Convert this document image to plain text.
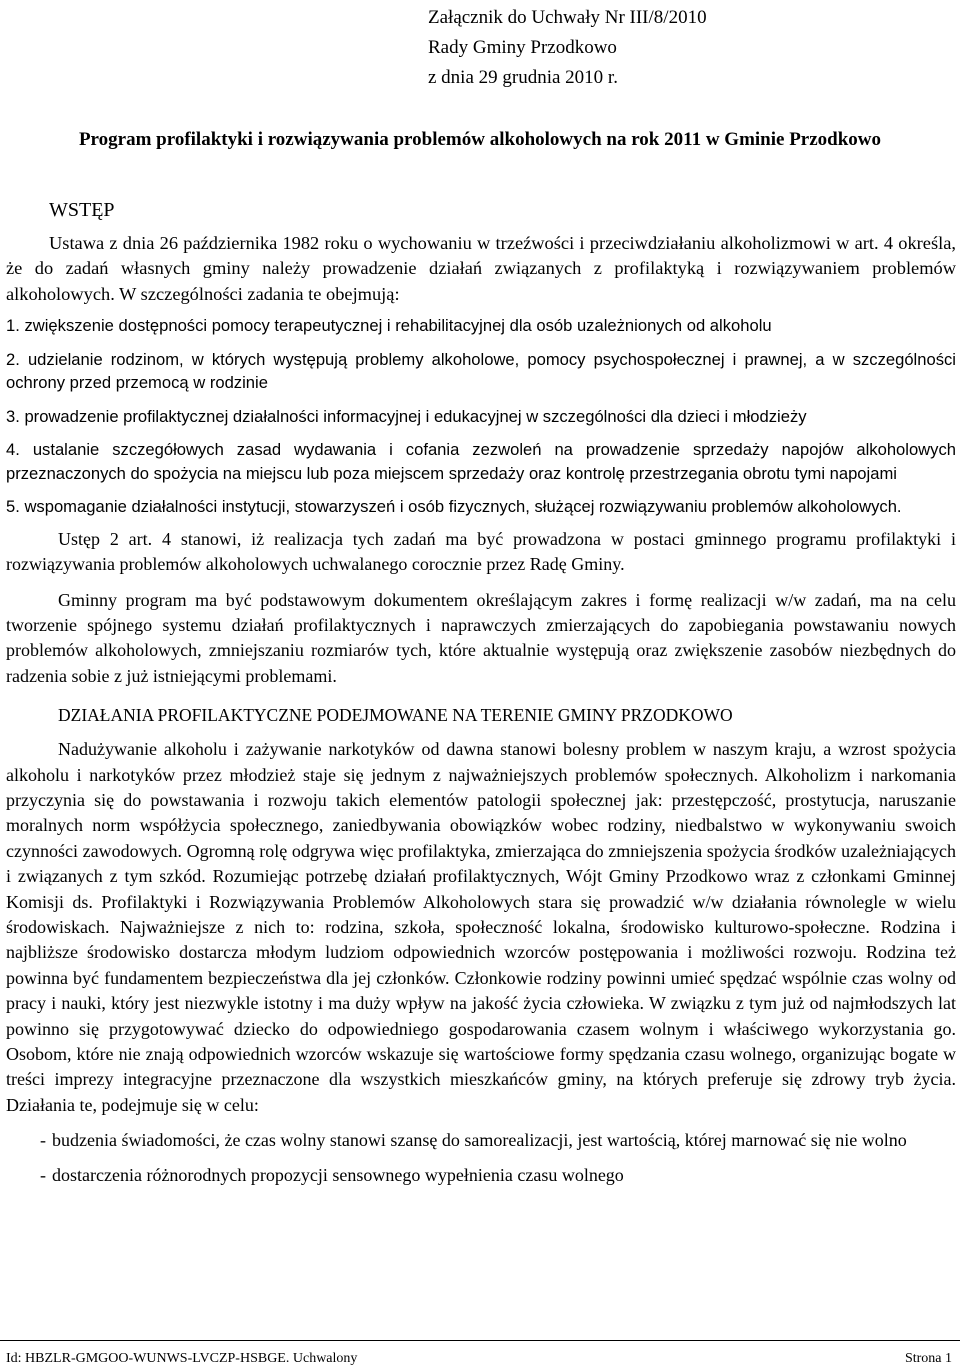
Załącznik do Uchwały Nr III/8/2010
Rady Gminy Przodkowo
z dnia 29 grudnia 2010 r.
Program profilaktyki i rozwiązywania problemów alkoholowych na rok 2011 w Gminie Przodkowo
WSTĘP
Ustawa z dnia 26 października 1982 roku o wychowaniu w trzeźwości i przeciwdziałaniu alkoholizmowi w art. 4 określa, że do zadań własnych gminy należy prowadzenie działań związanych z profilaktyką i rozwiązywaniem problemów alkoholowych. W szczególności zadania te obejmują:
1. zwiększenie dostępności pomocy terapeutycznej i rehabilitacyjnej dla osób uzależnionych od alkoholu
2. udzielanie rodzinom, w których występują problemy alkoholowe, pomocy psychospołecznej i prawnej, a w szczególności ochrony przed przemocą w rodzinie
3. prowadzenie profilaktycznej działalności informacyjnej i edukacyjnej w szczególności dla dzieci i młodzieży
4. ustalanie szczegółowych zasad wydawania i cofania zezwoleń na prowadzenie sprzedaży napojów alkoholowych przeznaczonych do spożycia na miejscu lub poza miejscem sprzedaży oraz kontrolę przestrzegania obrotu tymi napojami
5. wspomaganie działalności instytucji, stowarzyszeń i osób fizycznych, służącej rozwiązywaniu problemów alkoholowych.
Ustęp 2 art. 4 stanowi, iż realizacja tych zadań ma być prowadzona w postaci gminnego programu profilaktyki i rozwiązywania problemów alkoholowych uchwalanego corocznie przez Radę Gminy.
Gminny program ma być podstawowym dokumentem określającym zakres i formę realizacji w/w zadań, ma na celu tworzenie spójnego systemu działań profilaktycznych i naprawczych zmierzających do zapobiegania powstawaniu nowych problemów alkoholowych, zmniejszaniu rozmiarów tych, które aktualnie występują oraz zwiększenie zasobów niezbędnych do radzenia sobie z już istniejącymi problemami.
DZIAŁANIA PROFILAKTYCZNE PODEJMOWANE NA TERENIE GMINY PRZODKOWO
Nadużywanie alkoholu i zażywanie narkotyków od dawna stanowi bolesny problem w naszym kraju, a wzrost spożycia alkoholu i narkotyków przez młodzież staje się jednym z najważniejszych problemów społecznych. Alkoholizm i narkomania przyczynia się do powstawania i rozwoju takich elementów patologii społecznej jak: przestępczość, prostytucja, naruszanie moralnych norm współżycia społecznego, zaniedbywania obowiązków wobec rodziny, niedbalstwo w wykonywaniu swoich czynności zawodowych. Ogromną rolę odgrywa więc profilaktyka, zmierzająca do zmniejszenia spożycia środków uzależniających i związanych z tym szkód. Rozumiejąc potrzebę działań profilaktycznych, Wójt Gminy Przodkowo wraz z członkami Gminnej Komisji ds. Profilaktyki i Rozwiązywania Problemów Alkoholowych stara się prowadzić w/w działania równolegle w wielu środowiskach. Najważniejsze z nich to: rodzina, szkoła, społeczność lokalna, środowisko kulturowo-społeczne. Rodzina i najbliższe środowisko dostarcza młodym ludziom odpowiednich wzorców postępowania i możliwości rozwoju. Rodzina też powinna być fundamentem bezpieczeństwa dla jej członków. Członkowie rodziny powinni umieć spędzać wspólnie czas wolny od pracy i nauki, który jest niezwykle istotny i ma duży wpływ na jakość życia człowieka. W związku z tym już od najmłodszych lat powinno się przygotowywać dziecko do odpowiedniego gospodarowania czasem wolnym i właściwego wykorzystania go. Osobom, które nie znają odpowiednich wzorców wskazuje się wartościowe formy spędzania czasu wolnego, organizując bogate w treści imprezy integracyjne przeznaczone dla wszystkich mieszkańców gminy, na których preferuje się zdrowy tryb życia. Działania te, podejmuje się w celu:
- budzenia świadomości, że czas wolny stanowi szansę do samorealizacji, jest wartością, której marnować się nie wolno
- dostarczenia różnorodnych propozycji sensownego wypełnienia czasu wolnego
Id: HBZLR-GMGOO-WUNWS-LVCZP-HSBGE. Uchwalony	Strona 1
